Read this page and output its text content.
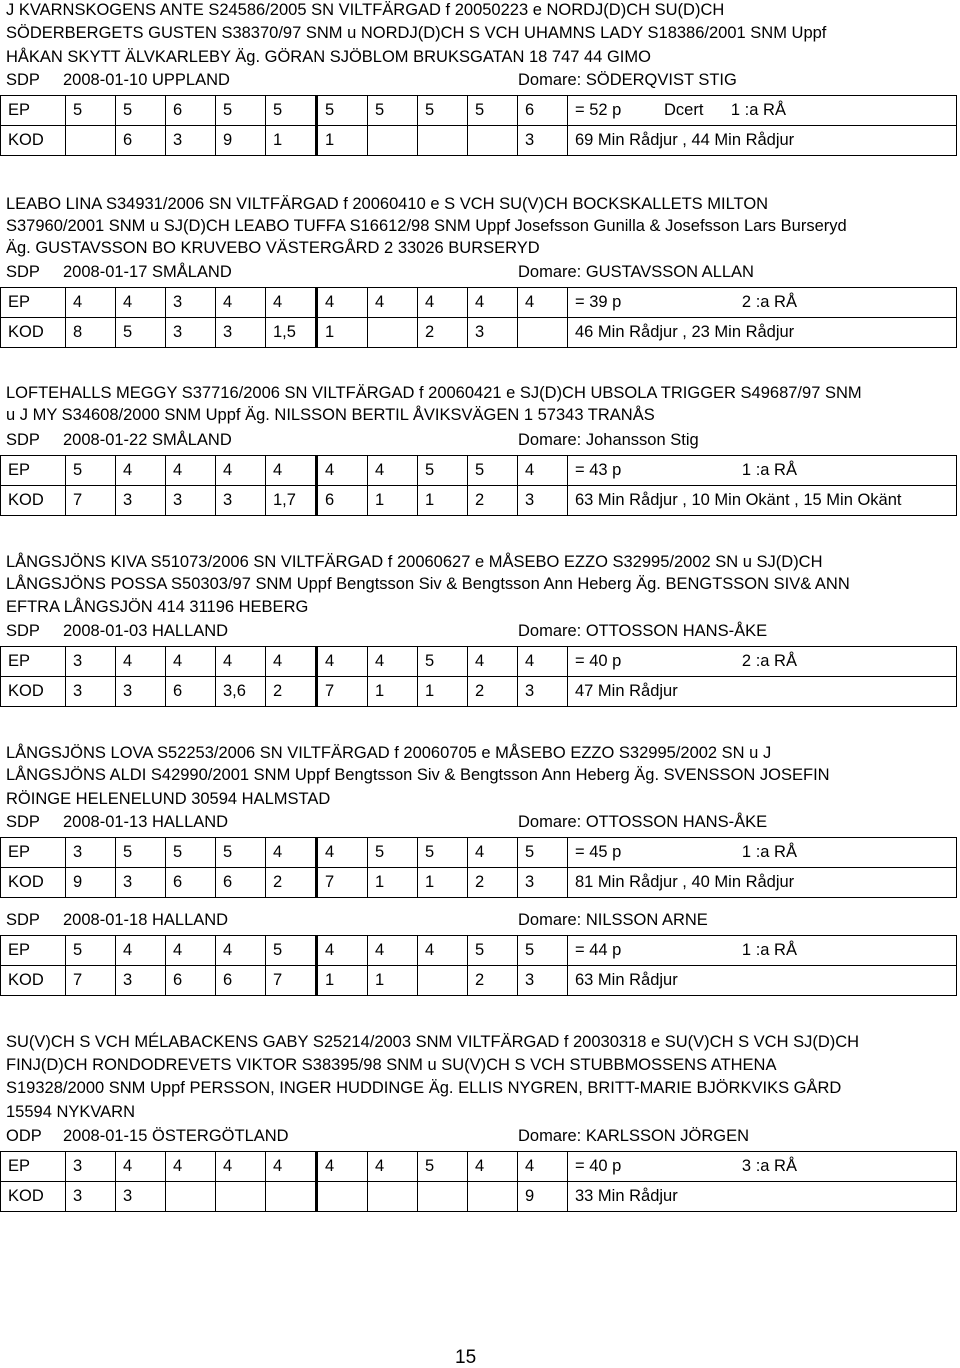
J KVARNSKOGENS ANTE S24586/2005 SN VILTFÄRGAD f 20050223 e NORDJ(D)CH SU(D)CH
SÖDERBERGETS GUSTEN S38370/97 SNM u NORDJ(D)CH S VCH UHAMNS LADY S18386/2001 SNM Uppf
HÅKAN SKYTT ÄLVKARLEBY Äg. GÖRAN SJÖBLOM BRUKSGATAN 18 747 44 GIMO
SDP 2008-01-10 UPPLAND	Domare: SÖDERQVIST STIG
EP	5	5	6	5	5	5	5	5	5	6	= 52 p	Dcert      1 :a RÅ
KOD		6	3	9	1	1				3	69 Min Rådjur , 44 Min Rådjur	
LEABO LINA S34931/2006 SN VILTFÄRGAD f 20060410 e S VCH SU(V)CH BOCKSKALLETS MILTON
S37960/2001 SNM u SJ(D)CH LEABO TUFFA S16612/98 SNM Uppf Josefsson Gunilla & Josefsson Lars Burseryd
Äg. GUSTAVSSON BO KRUVEBO VÄSTERGÅRD 2 33026 BURSERYD
SDP 2008-01-17 SMÅLAND	Domare: GUSTAVSSON ALLAN
EP	4	4	3	4	4	4	4	4	4	4	= 39 p	2 :a RÅ
KOD	8	5	3	3	1,5	1		2	3		46 Min Rådjur , 23 Min Rådjur	
LOFTEHALLS MEGGY S37716/2006 SN VILTFÄRGAD f 20060421 e SJ(D)CH UBSOLA TRIGGER S49687/97 SNM
u J MY S34608/2000 SNM Uppf Äg. NILSSON BERTIL ÅVIKSVÄGEN 1 57343 TRANÅS
SDP 2008-01-22 SMÅLAND	Domare: Johansson Stig
EP	5	4	4	4	4	4	4	5	5	4	= 43 p	1 :a RÅ
KOD	7	3	3	3	1,7	6	1	1	2	3	63 Min Rådjur , 10 Min Okänt , 15 Min Okänt	
LÅNGSJÖNS KIVA S51073/2006 SN VILTFÄRGAD f 20060627 e MÅSEBO EZZO S32995/2002 SN u SJ(D)CH
LÅNGSJÖNS POSSA S50303/97 SNM Uppf Bengtsson Siv & Bengtsson Ann Heberg Äg. BENGTSSON SIV& ANN
EFTRA LÅNGSJÖN 414 31196 HEBERG
SDP 2008-01-03 HALLAND	Domare: OTTOSSON HANS-ÅKE
EP	3	4	4	4	4	4	4	5	4	4	= 40 p	2 :a RÅ
KOD	3	3	6	3,6	2	7	1	1	2	3	47 Min Rådjur	
LÅNGSJÖNS LOVA S52253/2006 SN VILTFÄRGAD f 20060705 e MÅSEBO EZZO S32995/2002 SN u J
LÅNGSJÖNS ALDI S42990/2001 SNM Uppf Bengtsson Siv & Bengtsson Ann Heberg Äg. SVENSSON JOSEFIN
RÖINGE HELENELUND 30594 HALMSTAD
SDP 2008-01-13 HALLAND	Domare: OTTOSSON HANS-ÅKE
EP	3	5	5	5	4	4	5	5	4	5	= 45 p	1 :a RÅ
KOD	9	3	6	6	2	7	1	1	2	3	81 Min Rådjur , 40 Min Rådjur	
SDP 2008-01-18 HALLAND	Domare: NILSSON ARNE
EP	5	4	4	4	5	4	4	4	5	5	= 44 p	1 :a RÅ
KOD	7	3	6	6	7	1	1		2	3	63 Min Rådjur	
SU(V)CH S VCH MÉLABACKENS GABY S25214/2003 SNM VILTFÄRGAD f 20030318 e SU(V)CH S VCH SJ(D)CH
FINJ(D)CH RONDODREVETS VIKTOR S38395/98 SNM u SU(V)CH S VCH STUBBMOSSENS ATHENA
S19328/2000 SNM Uppf PERSSON, INGER HUDDINGE Äg. ELLIS NYGREN, BRITT-MARIE BJÖRKVIKS GÅRD
15594 NYKVARN
ODP 2008-01-15 ÖSTERGÖTLAND	Domare: KARLSSON JÖRGEN
EP	3	4	4	4	4	4	4	5	4	4	= 40 p	3 :a RÅ
KOD	3	3								9	33 Min Rådjur	
15
